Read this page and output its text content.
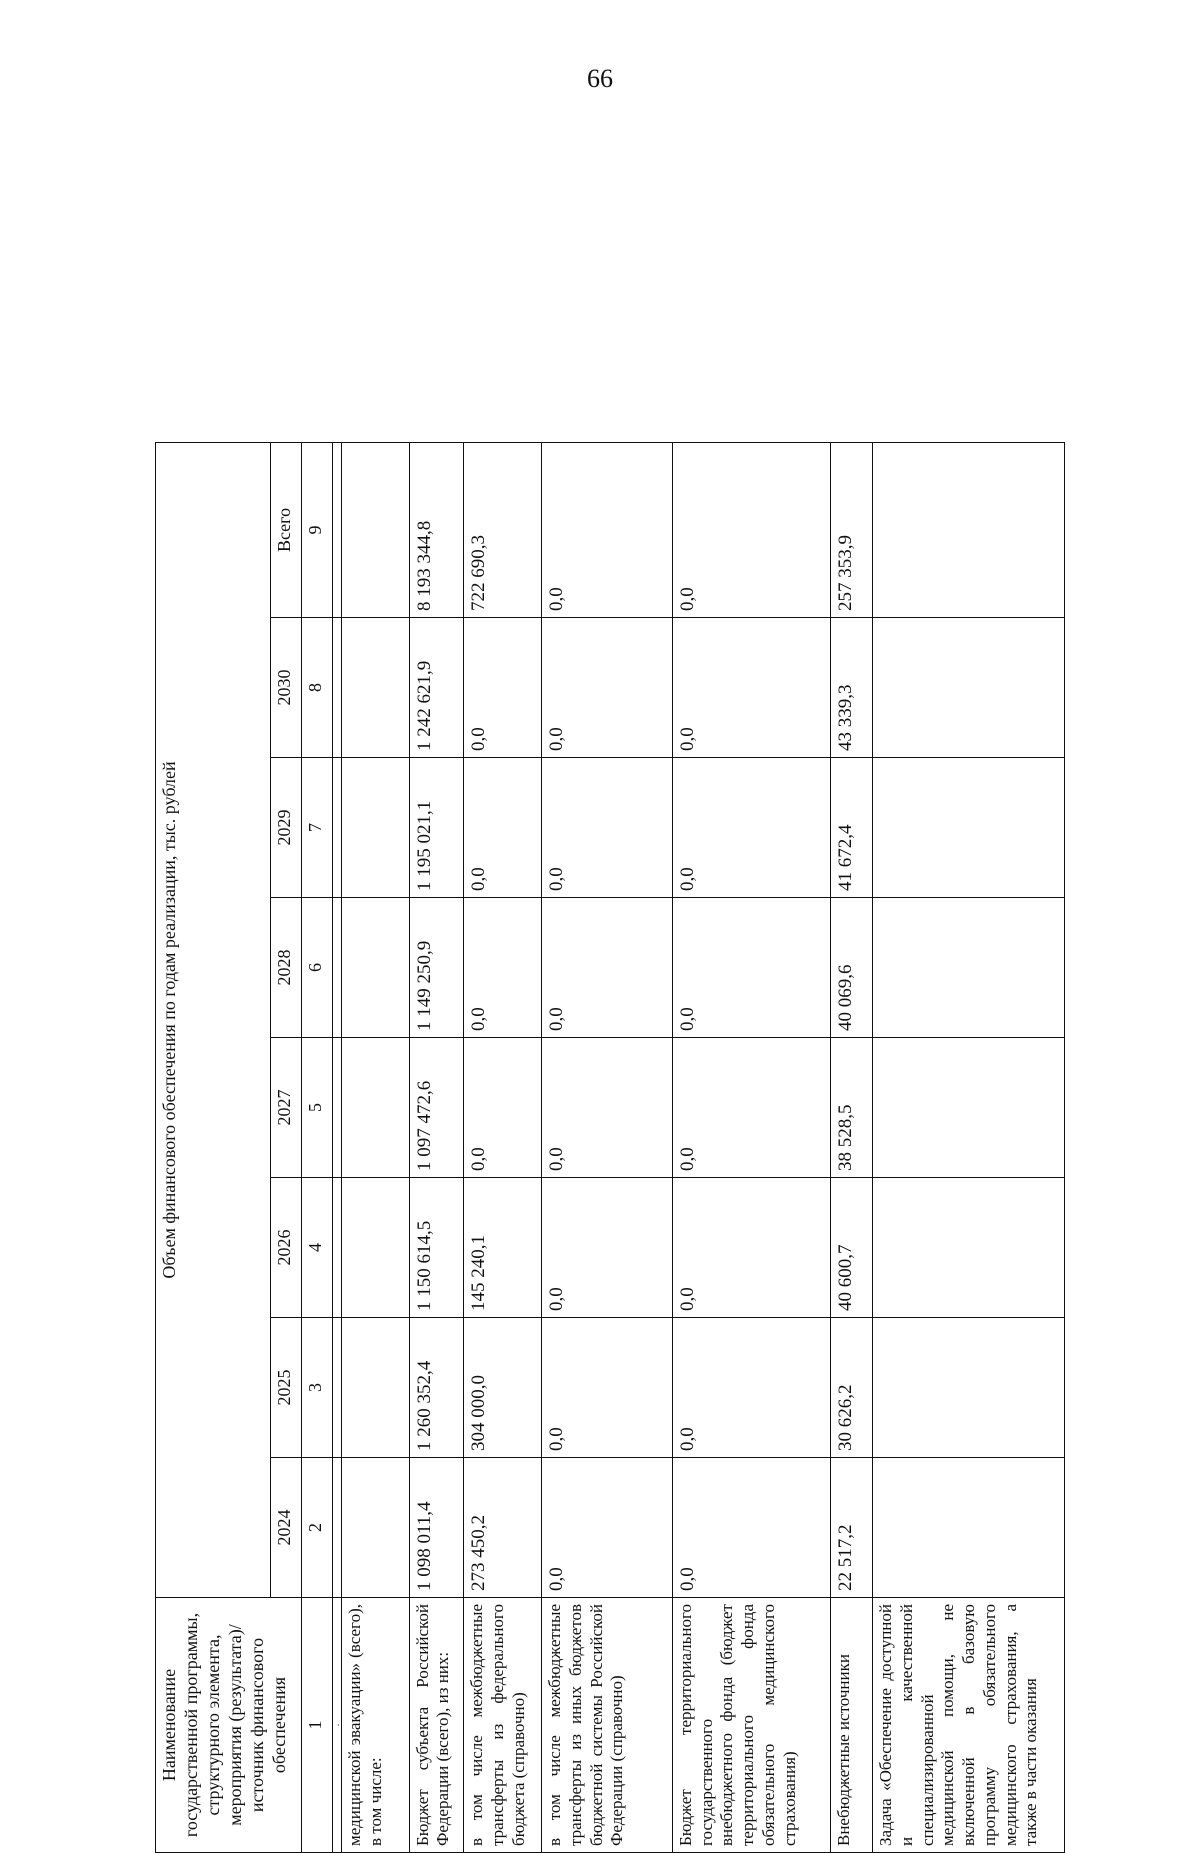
66
Наименование государственной программы, структурного элемента, мероприятия (результата)/источник финансового обеспечения	Объем финансового обеспечения по годам реализации, тыс. рублей							
	2024	2025	2026	2027	2028	2029	2030	Всего
1	2	3	4	5	6	7	8	9
.								
медицинской эвакуации» (всего), в том числе:								
Бюджет субъекта Российской Федерации (всего), из них:	1 098 011,4	1 260 352,4	1 150 614,5	1 097 472,6	1 149 250,9	1 195 021,1	1 242 621,9	8 193 344,8
в том числе межбюджетные трансферты из федерального бюджета (справочно)	273 450,2	304 000,0	145 240,1	0,0	0,0	0,0	0,0	722 690,3
в том числе межбюджетные трансферты из иных бюджетов бюджетной системы Российской Федерации (справочно)	0,0	0,0	0,0	0,0	0,0	0,0	0,0	0,0
Бюджет территориального государственного внебюджетного фонда (бюджет территориального фонда обязательного медицинского страхования)	0,0	0,0	0,0	0,0	0,0	0,0	0,0	0,0
Внебюджетные источники	22 517,2	30 626,2	40 600,7	38 528,5	40 069,6	41 672,4	43 339,3	257 353,9
Задача «Обеспечение доступной и качественной специализированной медицинской помощи, не включенной в базовую программу обязательного медицинского страхования, а также в части оказания								
